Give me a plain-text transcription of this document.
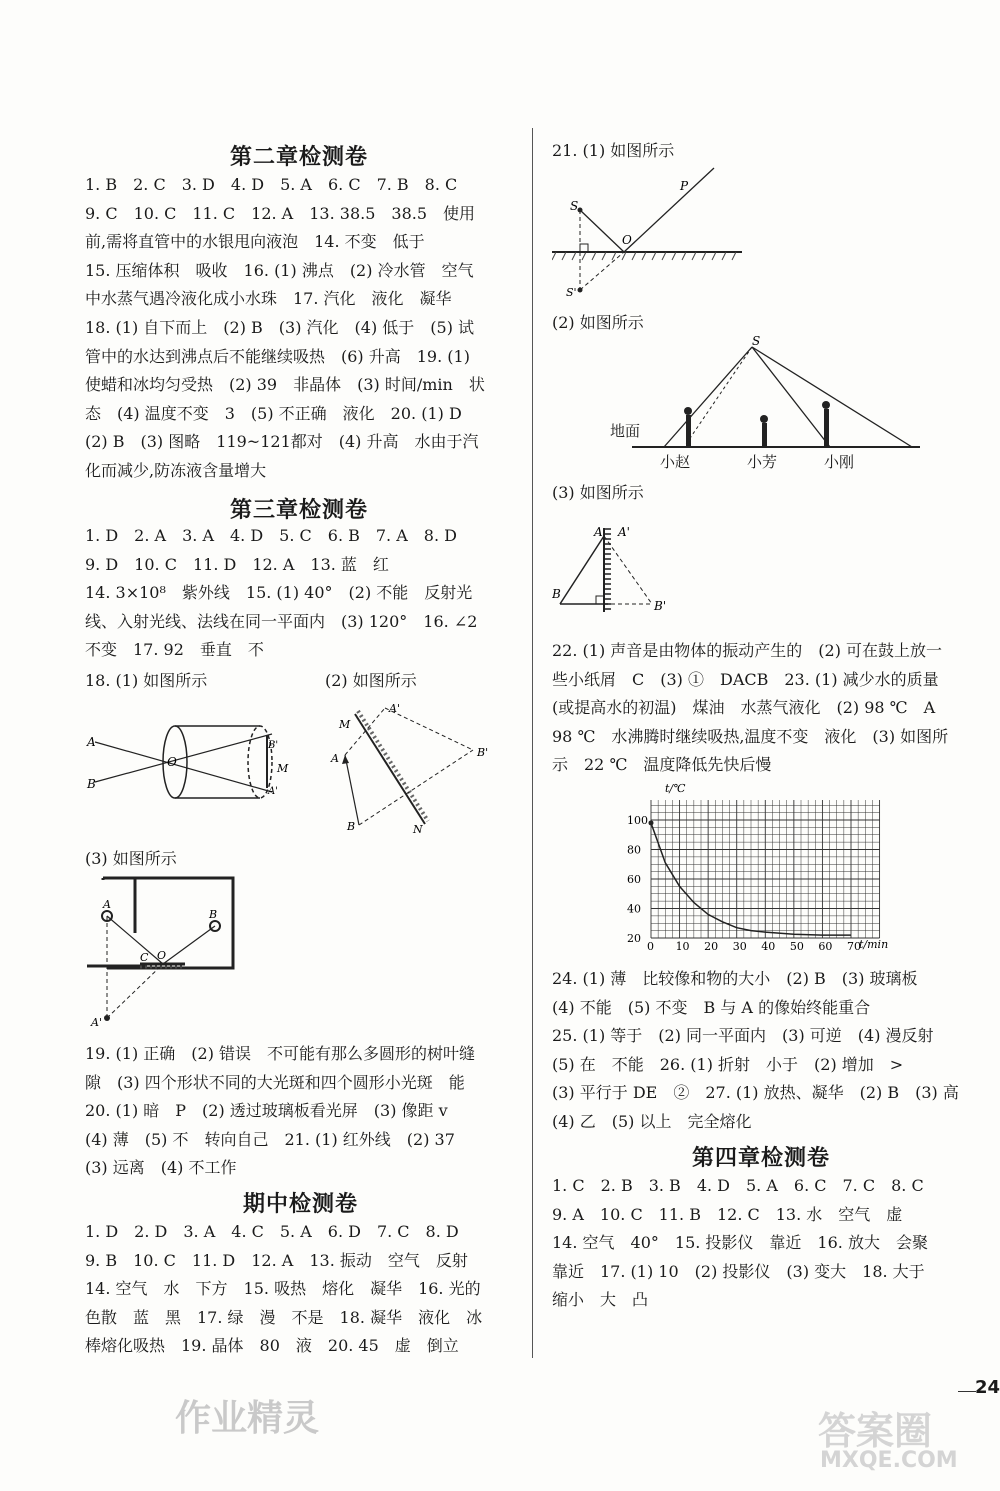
第二章检测卷
1. B　2. C　3. D　4. D　5. A　6. C　7. B　8. C
9. C　10. C　11. C　12. A　13. 38.5　38.5　使用
前,需将直管中的水银甩向液泡　14. 不变　低于
15. 压缩体积　吸收　16. (1) 沸点　(2) 冷水管　空气
中水蒸气遇冷液化成小水珠　17. 汽化　液化　凝华
18. (1) 自下而上　(2) B　(3) 汽化　(4) 低于　(5) 试
管中的水达到沸点后不能继续吸热　(6) 升高　19. (1)
使蜡和冰均匀受热　(2) 39　非晶体　(3) 时间/min　状
态　(4) 温度不变　3　(5) 不正确　液化　20. (1) D
(2) B　(3) 图略　119~121都对　(4) 升高　水由于汽
化而减少,防冻液含量增大
第三章检测卷
1. D　2. A　3. A　4. D　5. C　6. B　7. A　8. D
9. D　10. C　11. D　12. A　13. 蓝　红
14. 3×10⁸　紫外线　15. (1) 40°　(2) 不能　反射光
线、入射光线、法线在同一平面内　(3) 120°　16. ∠2
不变　17. 92　垂直　不
18. (1) 如图所示	(2) 如图所示
A
B
O	M
B'
A'
M
A'
B'
A
B	N
(3) 如图所示
A
B
O
C
A'
19. (1) 正确　(2) 错误　不可能有那么多圆形的树叶缝
隙　(3) 四个形状不同的大光斑和四个圆形小光斑　能
20. (1) 暗　P　(2) 透过玻璃板看光屏　(3) 像距 v
(4) 薄　(5) 不　转向自己　21. (1) 红外线　(2) 37
(3) 远离　(4) 不工作
期中检测卷
1. D　2. D　3. A　4. C　5. A　6. D　7. C　8. D
9. B　10. C　11. D　12. A　13. 振动　空气　反射
14. 空气　水　下方　15. 吸热　熔化　凝华　16. 光的
色散　蓝　黑　17. 绿　漫　不是　18. 凝华　液化　冰
棒熔化吸热　19. 晶体　80　液　20. 45　虚　倒立
21. (1) 如图所示
S
P
O
S'
(2) 如图所示
S
地面
小赵	小芳	小刚
(3) 如图所示
A A'
B
B'
22. (1) 声音是由物体的振动产生的　(2) 可在鼓上放一
些小纸屑　C　(3) ①　DACB　23. (1) 减少水的质量
(或提高水的初温)　煤油　水蒸气液化　(2) 98 ℃　A
98 ℃　水沸腾时继续吸热,温度不变　液化　(3) 如图所
示　22 ℃　温度降低先快后慢
0 10 20 30 40 50 60 70
20
40
60
80
100
t/℃
t/min
24. (1) 薄　比较像和物的大小　(2) B　(3) 玻璃板
(4) 不能　(5) 不变　B 与 A 的像始终能重合
25. (1) 等于　(2) 同一平面内　(3) 可逆　(4) 漫反射
(5) 在　不能　26. (1) 折射　小于　(2) 增加　>
(3) 平行于 DE　②　27. (1) 放热、凝华　(2) B　(3) 高
(4) 乙　(5) 以上　完全熔化
第四章检测卷
1. C　2. B　3. B　4. D　5. A　6. C　7. C　8. C
9. A　10. C　11. B　12. C　13. 水　空气　虚
14. 空气　40°　15. 投影仪　靠近　16. 放大　会聚
靠近　17. (1) 10　(2) 投影仪　(3) 变大　18. 大于
缩小　大　凸
24
作业精灵	答案圈
MXQE.COM
